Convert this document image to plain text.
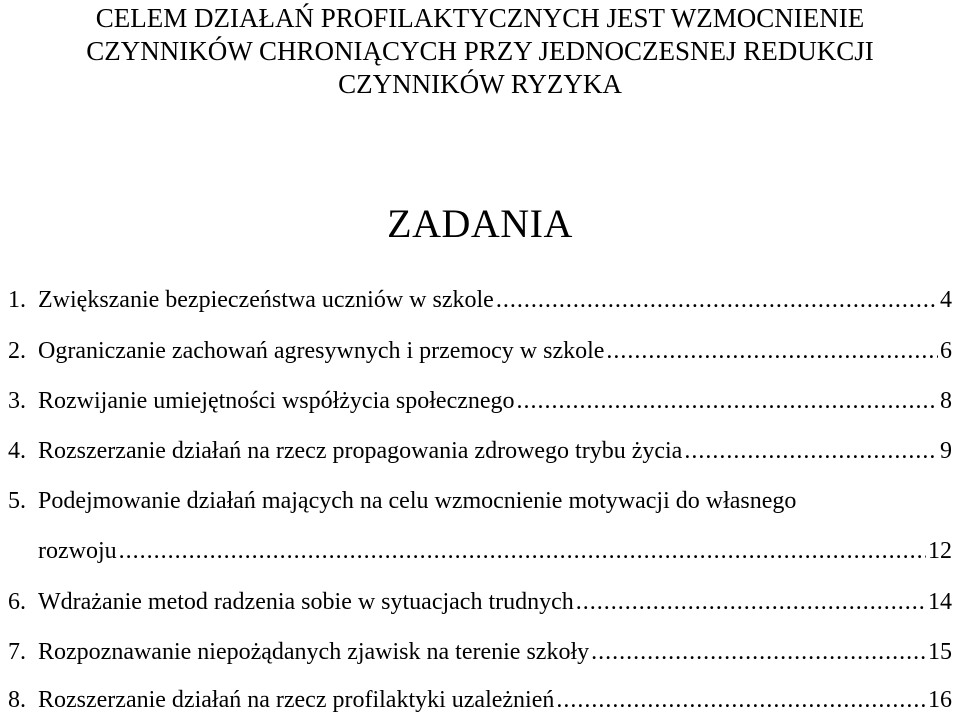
CELEM DZIAŁAŃ PROFILAKTYCZNYCH JEST WZMOCNIENIE
CZYNNIKÓW CHRONIĄCYCH PRZY JEDNOCZESNEJ REDUKCJI
CZYNNIKÓW RYZYKA
ZADANIA
1. Zwiększanie bezpieczeństwa uczniów w szkole .....	4
2. Ograniczanie zachowań agresywnych i przemocy w szkole .....	6
3. Rozwijanie umiejętności współżycia społecznego .....	8
4. Rozszerzanie działań na rzecz propagowania zdrowego trybu życia .....	9
5. Podejmowanie działań mających na celu wzmocnienie motywacji do własnego
rozwoju .....	12
6. Wdrażanie metod radzenia sobie w sytuacjach trudnych .....	14
7. Rozpoznawanie niepożądanych zjawisk na terenie szkoły .....	15
8. Rozszerzanie działań na rzecz profilaktyki uzależnień .....	16
